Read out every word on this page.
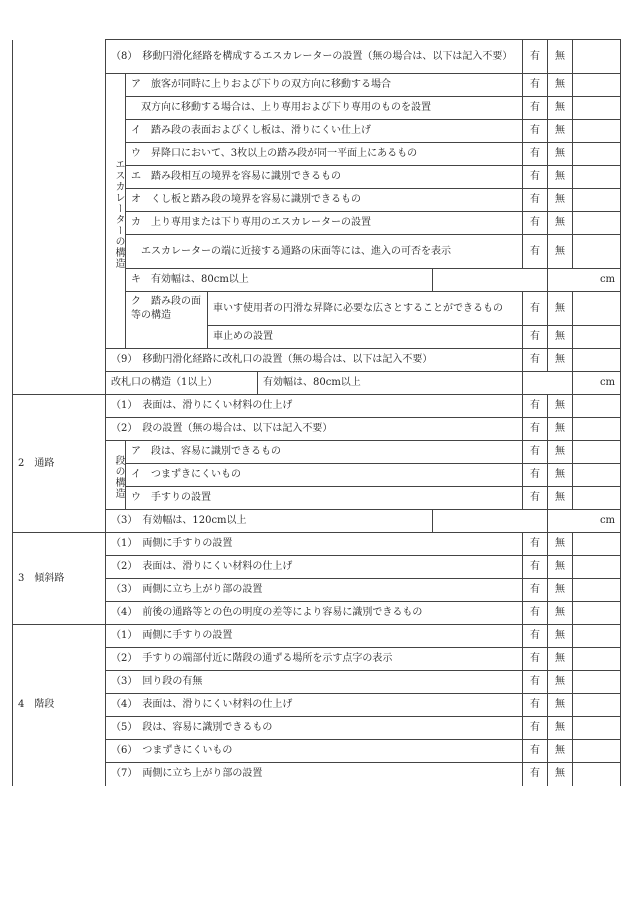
	（8）　移動円滑化経路を構成するエスカレーターの設置（無の場合は、以下は記入不要）					有	無	

	エスカレーターの構造	ア　旅客が同時に上りおよび下りの双方向に移動する場合				有	無	
		　双方向に移動する場合は、上り専用および下り専用のものを設置				有	無	
		イ　踏み段の表面およびくし板は、滑りにくい仕上げ				有	無	
		ウ　昇降口において、3枚以上の踏み段が同一平面上にあるもの				有	無	
		エ　踏み段相互の境界を容易に識別できるもの				有	無	
		オ　くし板と踏み段の境界を容易に識別できるもの				有	無	
		カ　上り専用または下り専用のエスカレーターの設置				有	無	
		　エスカレーターの端に近接する通路の床面等には、進入の可否を表示				有	無	
		キ　有効幅は、80cm以上					cm	
		ク　踏み段の面等の構造	車いす使用者の円滑な昇降に必要な広さとすることができるもの			有	無	
			車止めの設置			有	無	
	（9）　移動円滑化経路に改札口の設置（無の場合は、以下は記入不要）					有	無	
	改札口の構造（1以上）			有効幅は、80cm以上				cm
2　通路	（1）　表面は、滑りにくい材料の仕上げ					有	無	
	（2）　段の設置（無の場合は、以下は記入不要）					有	無	

	段の構造	ア　段は、容易に識別できるもの				有	無	
		イ　つまずきにくいもの				有	無	
		ウ　手すりの設置				有	無	
	（3）　有効幅は、120cm以上						cm	
3　傾斜路	（1）　両側に手すりの設置					有	無	
	（2）　表面は、滑りにくい材料の仕上げ					有	無	
	（3）　両側に立ち上がり部の設置					有	無	
	（4）　前後の通路等との色の明度の差等により容易に識別できるもの					有	無	
4　階段	（1）　両側に手すりの設置					有	無	
	（2）　手すりの端部付近に階段の通ずる場所を示す点字の表示					有	無	
	（3）　回り段の有無					有	無	
	（4）　表面は、滑りにくい材料の仕上げ					有	無	
	（5）　段は、容易に識別できるもの					有	無	
	（6）　つまずきにくいもの					有	無	
	（7）　両側に立ち上がり部の設置					有	無	
